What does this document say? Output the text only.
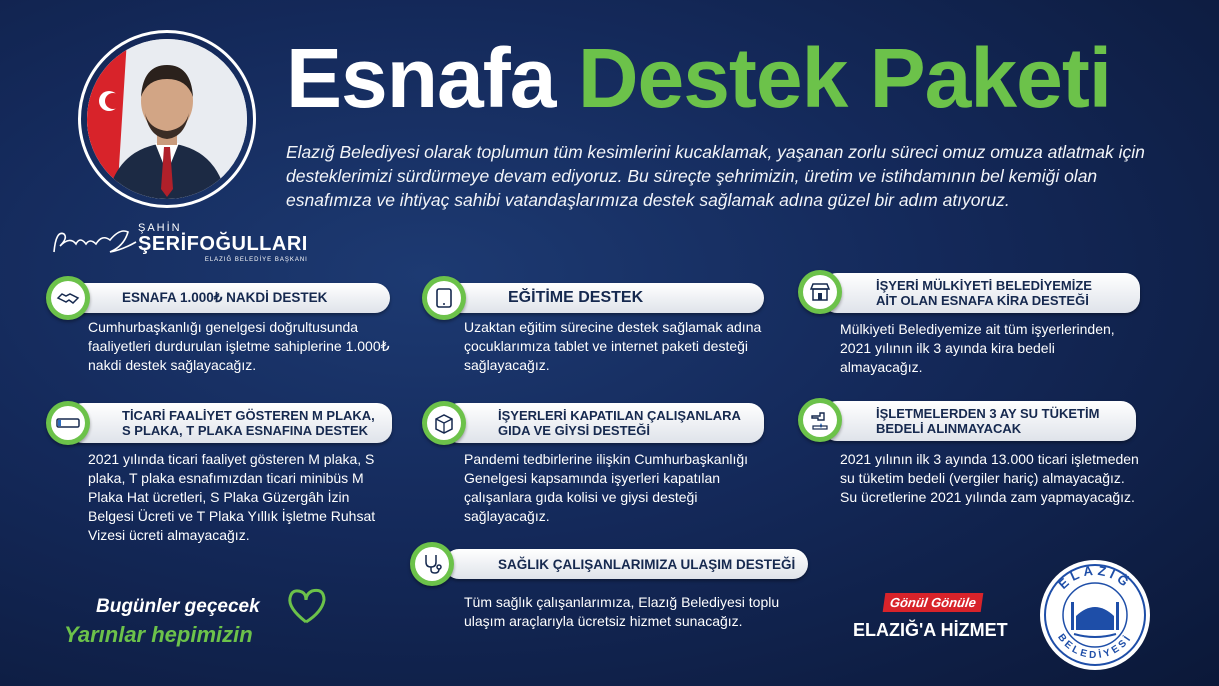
ŞAHİN
ŞERİFOĞULLARI
ELAZIĞ BELEDİYE BAŞKANI
Esnafa Destek Paketi
Elazığ Belediyesi olarak toplumun tüm kesimlerini kucaklamak, yaşanan zorlu süreci omuz omuza atlatmak için desteklerimizi sürdürmeye devam ediyoruz. Bu süreçte şehrimizin, üretim ve istihdamının bel kemiği olan esnafımıza ve ihtiyaç sahibi vatandaşlarımıza destek sağlamak adına güzel bir adım atıyoruz.
ESNAFA 1.000₺ NAKDİ DESTEK
Cumhurbaşkanlığı genelgesi doğrultusunda faaliyetleri durdurulan işletme sahiplerine 1.000₺ nakdi destek sağlayacağız.
EĞİTİME DESTEK
Uzaktan eğitim sürecine destek sağlamak adına çocuklarımıza tablet ve internet paketi desteği sağlayacağız.
İŞYERİ MÜLKİYETİ BELEDİYEMİZE
AİT OLAN ESNAFA KİRA DESTEĞİ
Mülkiyeti Belediyemize ait tüm işyerlerinden, 2021 yılının ilk 3 ayında kira bedeli almayacağız.
TİCARİ FAALİYET GÖSTEREN M PLAKA,
S PLAKA, T PLAKA ESNAFINA DESTEK
2021 yılında ticari faaliyet gösteren M plaka, S plaka, T plaka esnafımızdan ticari minibüs M Plaka Hat ücretleri, S Plaka Güzergâh İzin Belgesi Ücreti ve T Plaka Yıllık İşletme Ruhsat Vizesi ücreti almayacağız.
İŞYERLERİ KAPATILAN ÇALIŞANLARA
GIDA VE GİYSİ DESTEĞİ
Pandemi tedbirlerine ilişkin Cumhurbaşkanlığı Genelgesi kapsamında işyerleri kapatılan çalışanlara gıda kolisi ve giysi desteği sağlayacağız.
İŞLETMELERDEN 3 AY SU TÜKETİM
BEDELİ ALINMAYACAK
2021 yılının ilk 3 ayında 13.000 ticari işletmeden su tüketim bedeli (vergiler hariç) almayacağız. Su ücretlerine 2021 yılında zam yapmayacağız.
SAĞLIK ÇALIŞANLARIMIZA ULAŞIM DESTEĞİ
Tüm sağlık çalışanlarımıza, Elazığ Belediyesi toplu ulaşım araçlarıyla ücretsiz hizmet sunacağız.
Bugünler geçecek
Yarınlar hepimizin
Gönül Gönüle
ELAZIĞ'A HİZMET
ELAZIĞ
BELEDİYESİ
